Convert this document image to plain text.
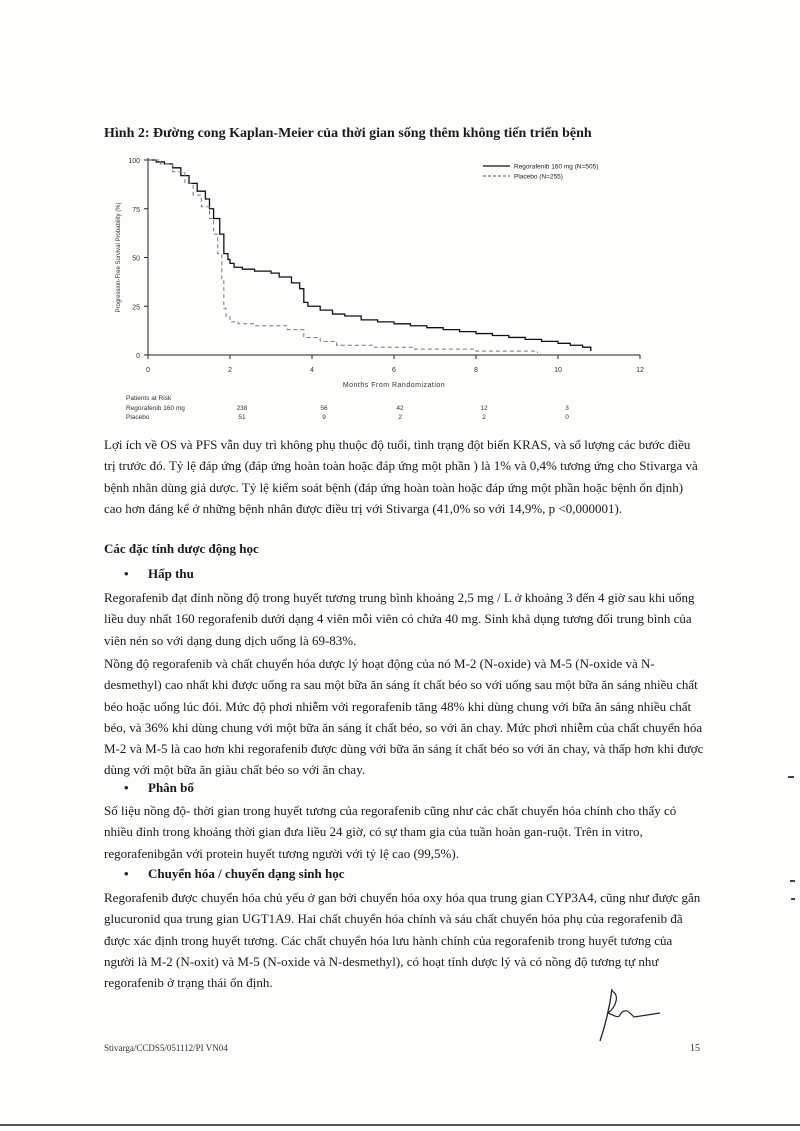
Hình 2: Đường cong Kaplan-Meier của thời gian sống thêm không tiến triển bệnh
0
25
50
75
100
0	2	4	6	8	10	12
Months From Randomization
Progression-Free Survival Probability (%)
Regorafenib 160 mg (N=505)
Placebo (N=255)
Patients at Risk
Regorafenib 160 mg	238	56	42	12	3
Placebo	51	9	2	2	0

Lợi ích về OS và PFS vẫn duy trì không phụ thuộc độ tuổi, tình trạng đột biến KRAS, và số lượng các bước điều trị trước đó. Tỷ lệ đáp ứng (đáp ứng hoàn toàn hoặc đáp ứng một phần ) là 1% và 0,4% tương ứng cho Stivarga và bệnh nhân dùng giả dược. Tỷ lệ kiểm soát bệnh (đáp ứng hoàn toàn hoặc đáp ứng một phần hoặc bệnh ổn định) cao hơn đáng kể ở những bệnh nhân được điều trị với Stivarga (41,0% so với 14,9%, p <0,000001).

Các đặc tính dược động học

• Hấp thu

Regorafenib đạt đỉnh nồng độ trong huyết tương trung bình khoảng 2,5 mg / L ở khoảng 3 đến 4 giờ sau khi uống liều duy nhất 160 regorafenib dưới dạng 4 viên mỗi viên có chứa 40 mg. Sinh khả dụng tương đối trung bình của viên nén so với dạng dung dịch uống là 69-83%.

Nồng độ regorafenib và chất chuyển hóa dược lý hoạt động của nó M-2 (N-oxide) và M-5 (N-oxide và N- desmethyl) cao nhất khi được uống ra sau một bữa ăn sáng ít chất béo so với uống sau một bữa ăn sáng nhiều chất béo hoặc uống lúc đói. Mức độ phơi nhiễm với regorafenib tăng 48% khi dùng chung với bữa ăn sáng nhiều chất béo, và 36% khi dùng chung với một bữa ăn sáng ít chất béo, so với ăn chay. Mức phơi nhiễm của chất chuyển hóa M-2 và M-5 là cao hơn khi regorafenib được dùng với bữa ăn sáng ít chất béo so với ăn chay, và thấp hơn khi được dùng với một bữa ăn giàu chất béo so với ăn chay.

• Phân bố

Số liệu nồng độ- thời gian trong huyết tương của regorafenib cũng như các chất chuyển hóa chính cho thấy có nhiều đỉnh trong khoảng thời gian đưa liều 24 giờ, có sự tham gia của tuần hoàn gan-ruột. Trên in vitro, regorafenibgắn với protein huyết tương người với tỷ lệ cao (99,5%).

• Chuyển hóa / chuyển dạng sinh học

Regorafenib được chuyển hóa chủ yếu ở gan bởi chuyển hóa oxy hóa qua trung gian CYP3A4, cũng như được gắn glucuronid qua trung gian UGT1A9. Hai chất chuyển hóa chính và sáu chất chuyển hóa phụ của regorafenib đã được xác định trong huyết tương. Các chất chuyển hóa lưu hành chính của regorafenib trong huyết tương của người là M-2 (N-oxit) và M-5 (N-oxide và N-desmethyl), có hoạt tính dược lý và có nồng độ tương tự như regorafenib ở trạng thái ổn định.

Stivarga/CCDS5/051112/PI VN04	15
